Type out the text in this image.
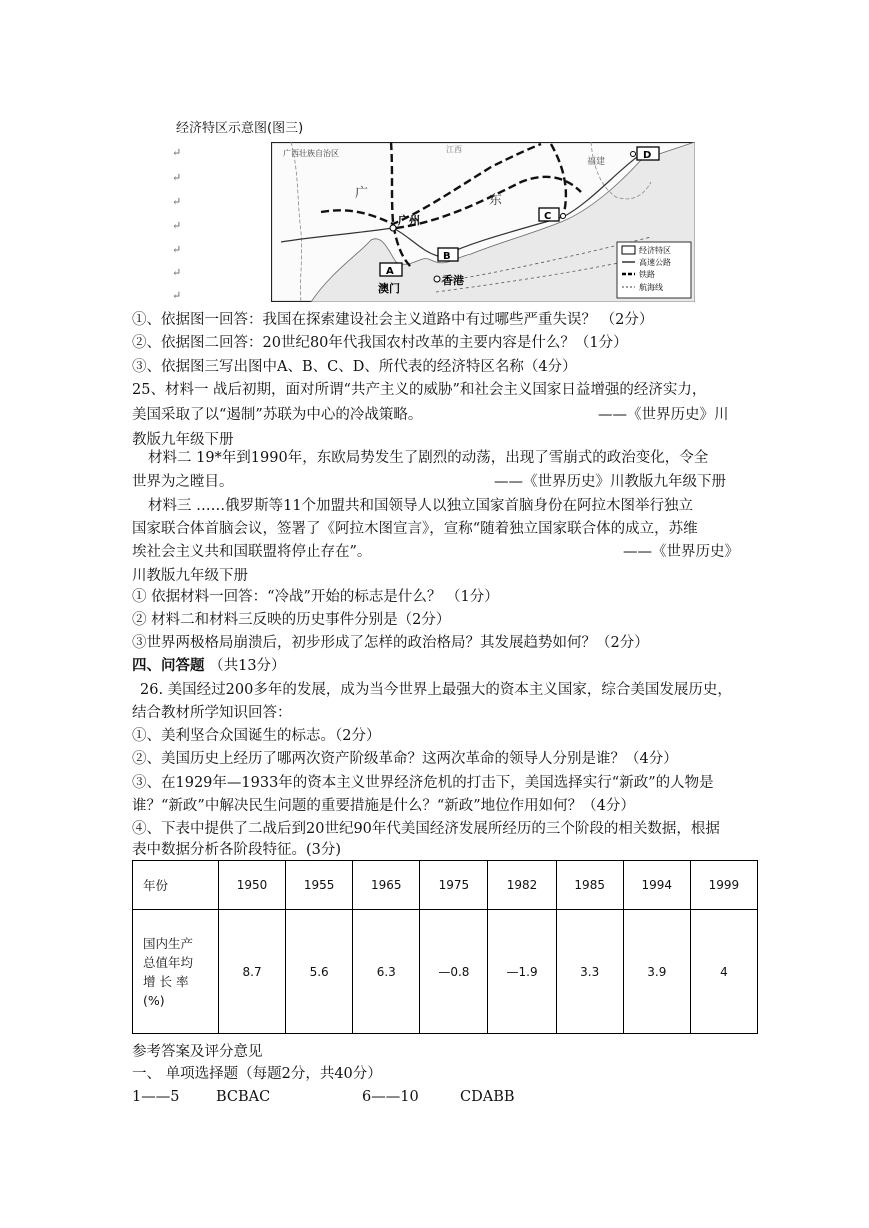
经济特区示意图(图三)
↵
↵
↵
↵
↵
↵
↵
广西壮族自治区
广	东
福建
江西
广州
香港
澳门
A
B
C
D
经济特区
高速公路
铁路
航海线
①、依据图一回答：我国在探索建设社会主义道路中有过哪些严重失误？ （2分）
②、依据图二回答：20世纪80年代我国农村改革的主要内容是什么？（1分）
③、依据图三写出图中A、B、C、D、所代表的经济特区名称（4分）
25、材料一 战后初期，面对所谓“共产主义的威胁”和社会主义国家日益增强的经济实力，
美国采取了以“遏制”苏联为中心的冷战策略。	——《世界历史》川
教版九年级下册
材料二 19*年到1990年，东欧局势发生了剧烈的动荡，出现了雪崩式的政治变化，令全
世界为之瞠目。	——《世界历史》川教版九年级下册
材料三 ……俄罗斯等11个加盟共和国领导人以独立国家首脑身份在阿拉木图举行独立
国家联合体首脑会议，签署了《阿拉木图宣言》，宣称“随着独立国家联合体的成立，苏维
埃社会主义共和国联盟将停止存在”。	——《世界历史》
川教版九年级下册
① 依据材料一回答：“冷战”开始的标志是什么？ （1分）
② 材料二和材料三反映的历史事件分别是（2分）
③世界两极格局崩溃后，初步形成了怎样的政治格局？其发展趋势如何？（2分）
四、问答题 （共13分）
26. 美国经过200多年的发展，成为当今世界上最强大的资本主义国家，综合美国发展历史，
结合教材所学知识回答：
①、美利坚合众国诞生的标志。（2分）
②、美国历史上经历了哪两次资产阶级革命？这两次革命的领导人分别是谁？（4分）
③、在1929年—1933年的资本主义世界经济危机的打击下，美国选择实行“新政”的人物是
谁？“新政”中解决民生问题的重要措施是什么？“新政”地位作用如何？（4分）
④、下表中提供了二战后到20世纪90年代美国经济发展所经历的三个阶段的相关数据，根据
表中数据分析各阶段特征。(3分)
年份	1950	1955	1965	1975	1982	1985	1994	1999

国内生产
总值年均
增 长 率
(%)	8.7	5.6	6.3	—0.8	—1.9	3.3	3.9	4
参考答案及评分意见
一、 单项选择题（每题2分，共40分）
1——5	BCBAC	6——10	CDABB
